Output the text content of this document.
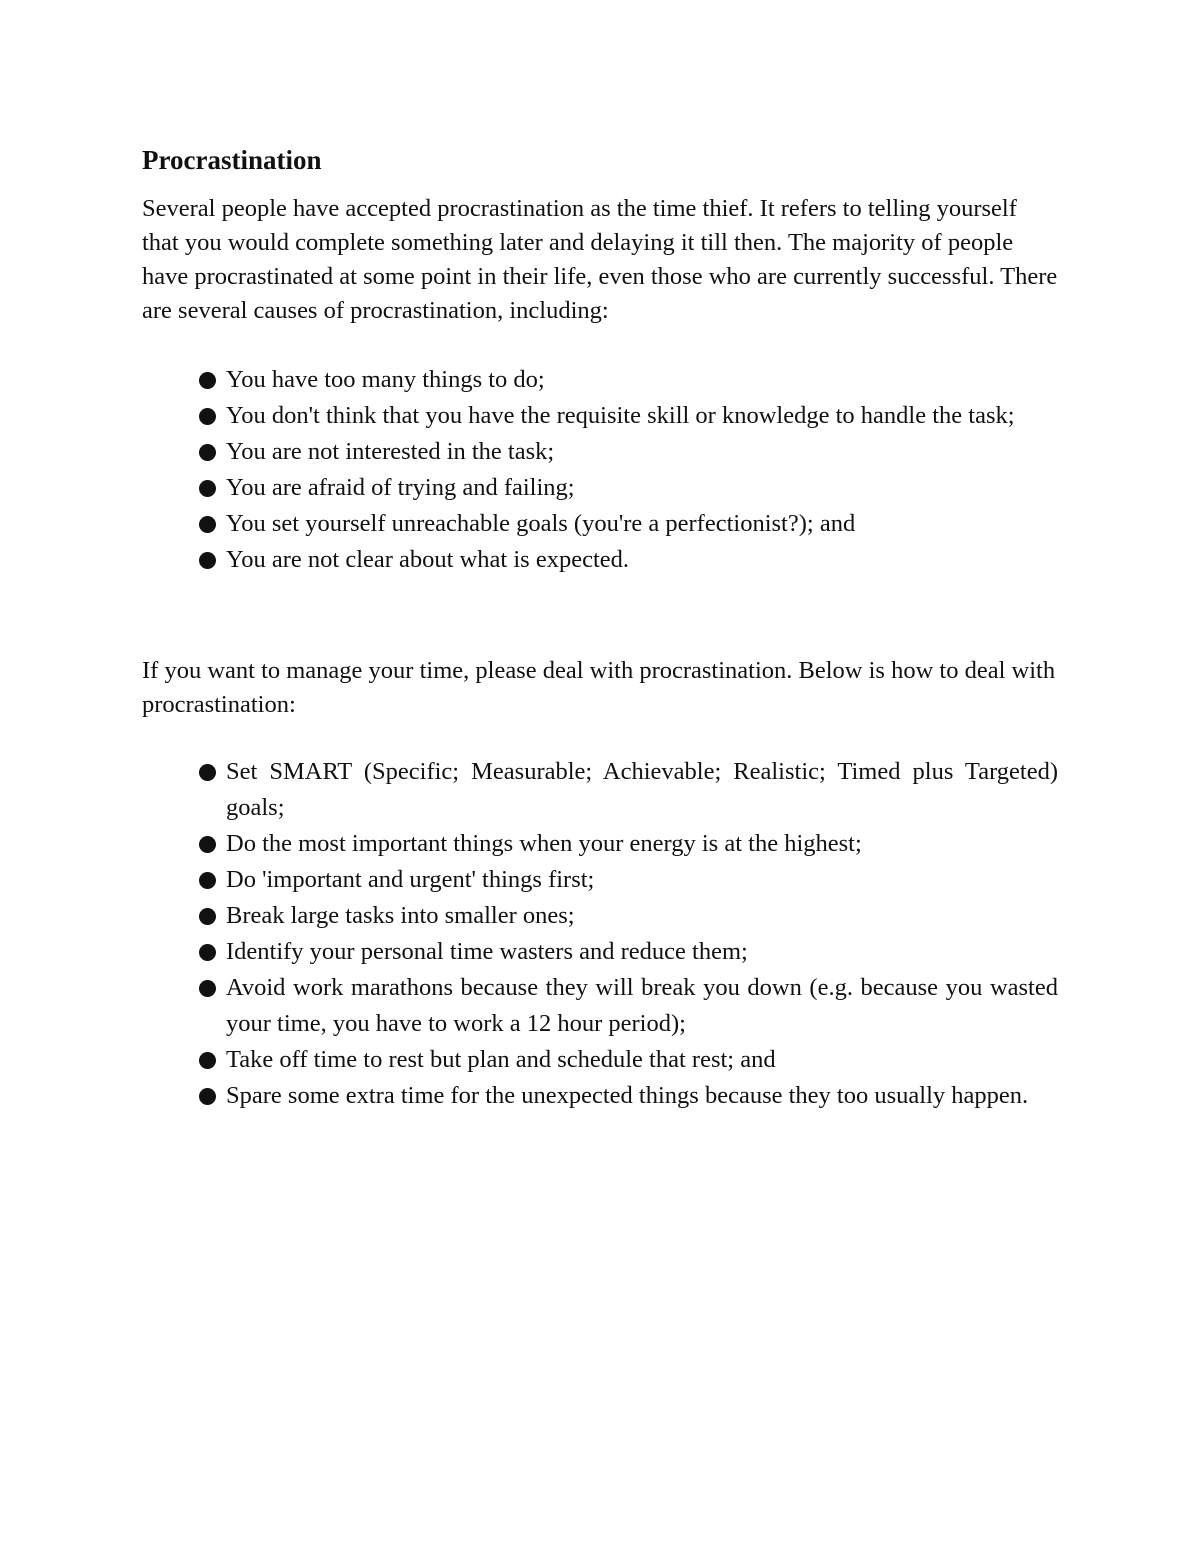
Procrastination

Several people have accepted procrastination as the time thief. It refers to telling yourself that you would complete something later and delaying it till then. The majority of people have procrastinated at some point in their life, even those who are currently successful. There are several causes of procrastination, including:

You have too many things to do;
You don't think that you have the requisite skill or knowledge to handle the task;
You are not interested in the task;
You are afraid of trying and failing;
You set yourself unreachable goals (you're a perfectionist?); and
You are not clear about what is expected.

If you want to manage your time, please deal with procrastination. Below is how to deal with procrastination:

Set SMART (Specific; Measurable; Achievable; Realistic; Timed plus Targeted) goals;
Do the most important things when your energy is at the highest;
Do 'important and urgent' things first;
Break large tasks into smaller ones;
Identify your personal time wasters and reduce them;
Avoid work marathons because they will break you down (e.g. because you wasted your time, you have to work a 12 hour period);
Take off time to rest but plan and schedule that rest; and
Spare some extra time for the unexpected things because they too usually happen.
